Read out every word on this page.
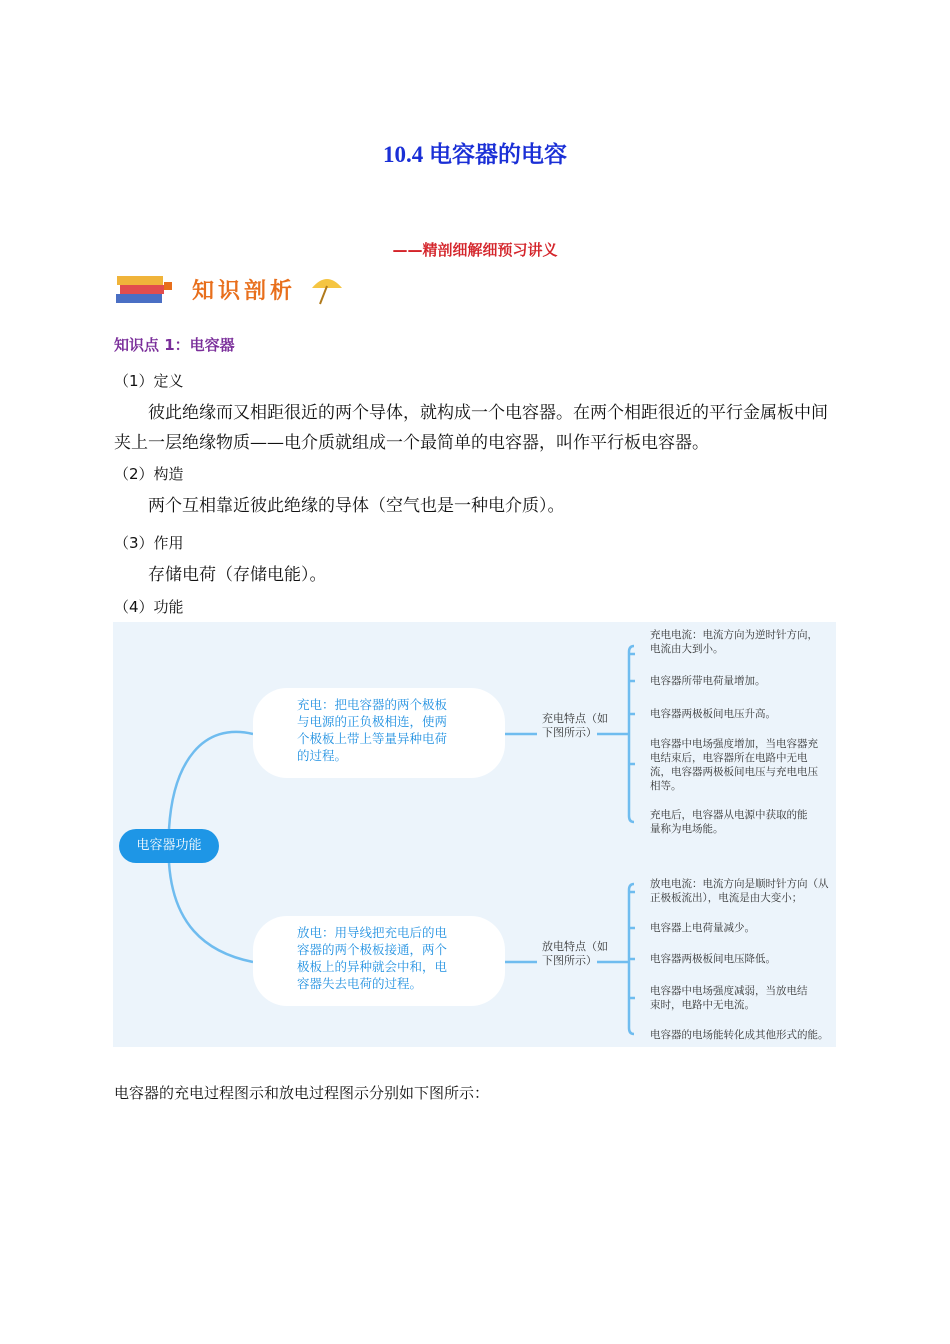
10.4 电容器的电容
——精剖细解细预习讲义
知识剖析
知识点 1：电容器
（1）定义
彼此绝缘而又相距很近的两个导体，就构成一个电容器。在两个相距很近的平行金属板中间夹上一层绝缘物质——电介质就组成一个最简单的电容器，叫作平行板电容器。
（2）构造
两个互相靠近彼此绝缘的导体（空气也是一种电介质）。
（3）作用
存储电荷（存储电能）。
（4）功能
电容器功能
充电：把电容器的两个极板
与电源的正负极相连，使两
个极板上带上等量异种电荷
的过程。
充电特点（如
下图所示）
放电：用导线把充电后的电
容器的两个极板接通，两个
极板上的异种就会中和，电
容器失去电荷的过程。
放电特点（如
下图所示）
充电电流：电流方向为逆时针方向，
电流由大到小。
电容器所带电荷量增加。
电容器两极板间电压升高。
电容器中电场强度增加，当电容器充
电结束后，电容器所在电路中无电
流，电容器两极板间电压与充电电压
相等。
充电后，电容器从电源中获取的能
量称为电场能。
放电电流：电流方向是顺时针方向（从
正极板流出），电流是由大变小；
电容器上电荷量减少。
电容器两极板间电压降低。
电容器中电场强度减弱，当放电结
束时，电路中无电流。
电容器的电场能转化成其他形式的能。
电容器的充电过程图示和放电过程图示分别如下图所示：
